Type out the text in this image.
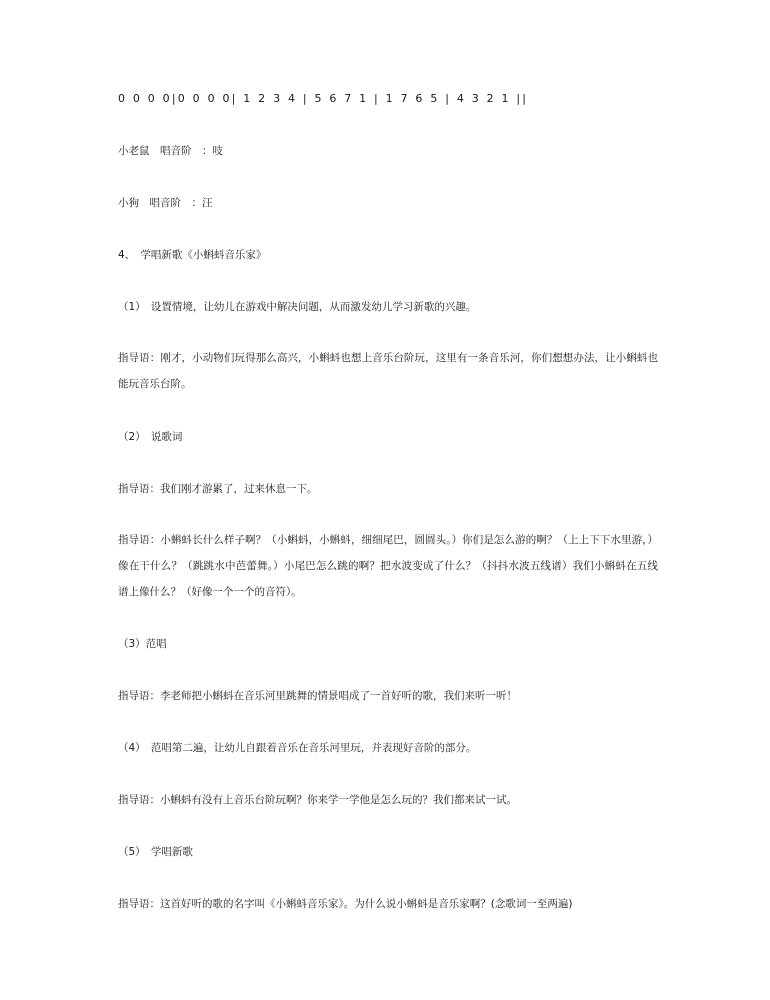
0 0 0 0|0 0 0 0| 1 2 3 4 | 5 6 7 1 | 1 7 6 5 | 4 3 2 1 ||
小老鼠　唱音阶　：吱
小狗　唱音阶　：汪
4、　学唱新歌《小蝌蚪音乐家》
（1）　设置情境，让幼儿在游戏中解决问题，从而激发幼儿学习新歌的兴趣。
指导语：刚才，小动物们玩得那么高兴，小蝌蚪也想上音乐台阶玩，这里有一条音乐河，你们想想办法，让小蝌蚪也能玩音乐台阶。
（2）　说歌词
指导语：我们刚才游累了，过来休息一下。
指导语：小蝌蚪长什么样子啊？（小蝌蚪，小蝌蚪，细细尾巴，圆圆头。）你们是怎么游的啊？（上上下下水里游，）像在干什么？（跳跳水中芭蕾舞。）小尾巴怎么跳的啊？把水波变成了什么？（抖抖水波五线谱）我们小蝌蚪在五线谱上像什么？（好像一个一个的音符）。
（3）范唱
指导语：李老师把小蝌蚪在音乐河里跳舞的情景唱成了一首好听的歌，我们来听一听！
（4）　范唱第二遍，让幼儿自跟着音乐在音乐河里玩，并表现好音阶的部分。
指导语：小蝌蚪有没有上音乐台阶玩啊？你来学一学他是怎么玩的？我们都来试一试。
（5）　学唱新歌
指导语：这首好听的歌的名字叫《小蝌蚪音乐家》。为什么说小蝌蚪是音乐家啊？(念歌词一至两遍)
